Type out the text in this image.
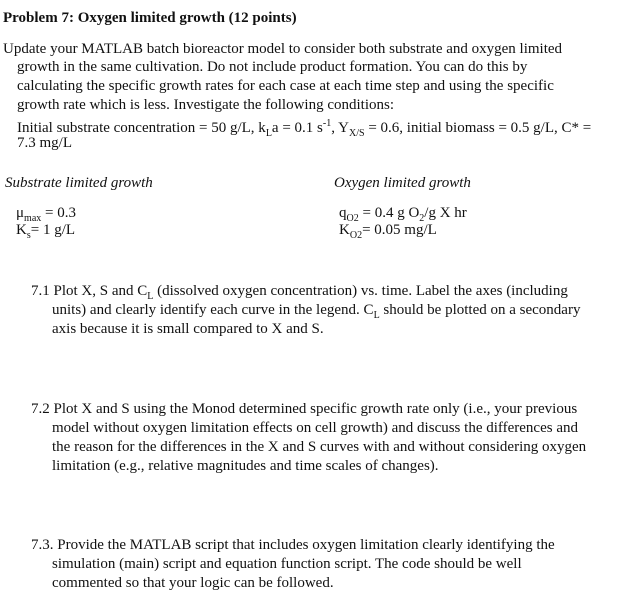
Problem 7: Oxygen limited growth (12 points)
Update your MATLAB batch bioreactor model to consider both substrate and oxygen limited
growth in the same cultivation. Do not include product formation. You can do this by
calculating the specific growth rates for each case at each time step and using the specific
growth rate which is less. Investigate the following conditions:
Initial substrate concentration = 50 g/L, $k_La = 0.1$ $s^{-1}$, $Y_{X/S} = 0.6$, initial biomass = 0.5 g/L, C* =
7.3 mg/L
Substrate limited growth
$\mu_{max} = 0.3$
$K_s= 1$ g/L
Oxygen limited growth
$q_{O2} = 0.4$ g $O_2/g$ X hr
$K_{O2}= 0.05$ mg/L
7.1 Plot X, S and $C_L$ (dissolved oxygen concentration) vs. time. Label the axes (including
units) and clearly identify each curve in the legend. $C_L$ should be plotted on a secondary
axis because it is small compared to X and S.
7.2 Plot X and S using the Monod determined specific growth rate only (i.e., your previous
model without oxygen limitation effects on cell growth) and discuss the differences and
the reason for the differences in the X and S curves with and without considering oxygen
limitation (e.g., relative magnitudes and time scales of changes).
7.3. Provide the MATLAB script that includes oxygen limitation clearly identifying the
simulation (main) script and equation function script. The code should be well
commented so that your logic can be followed.
